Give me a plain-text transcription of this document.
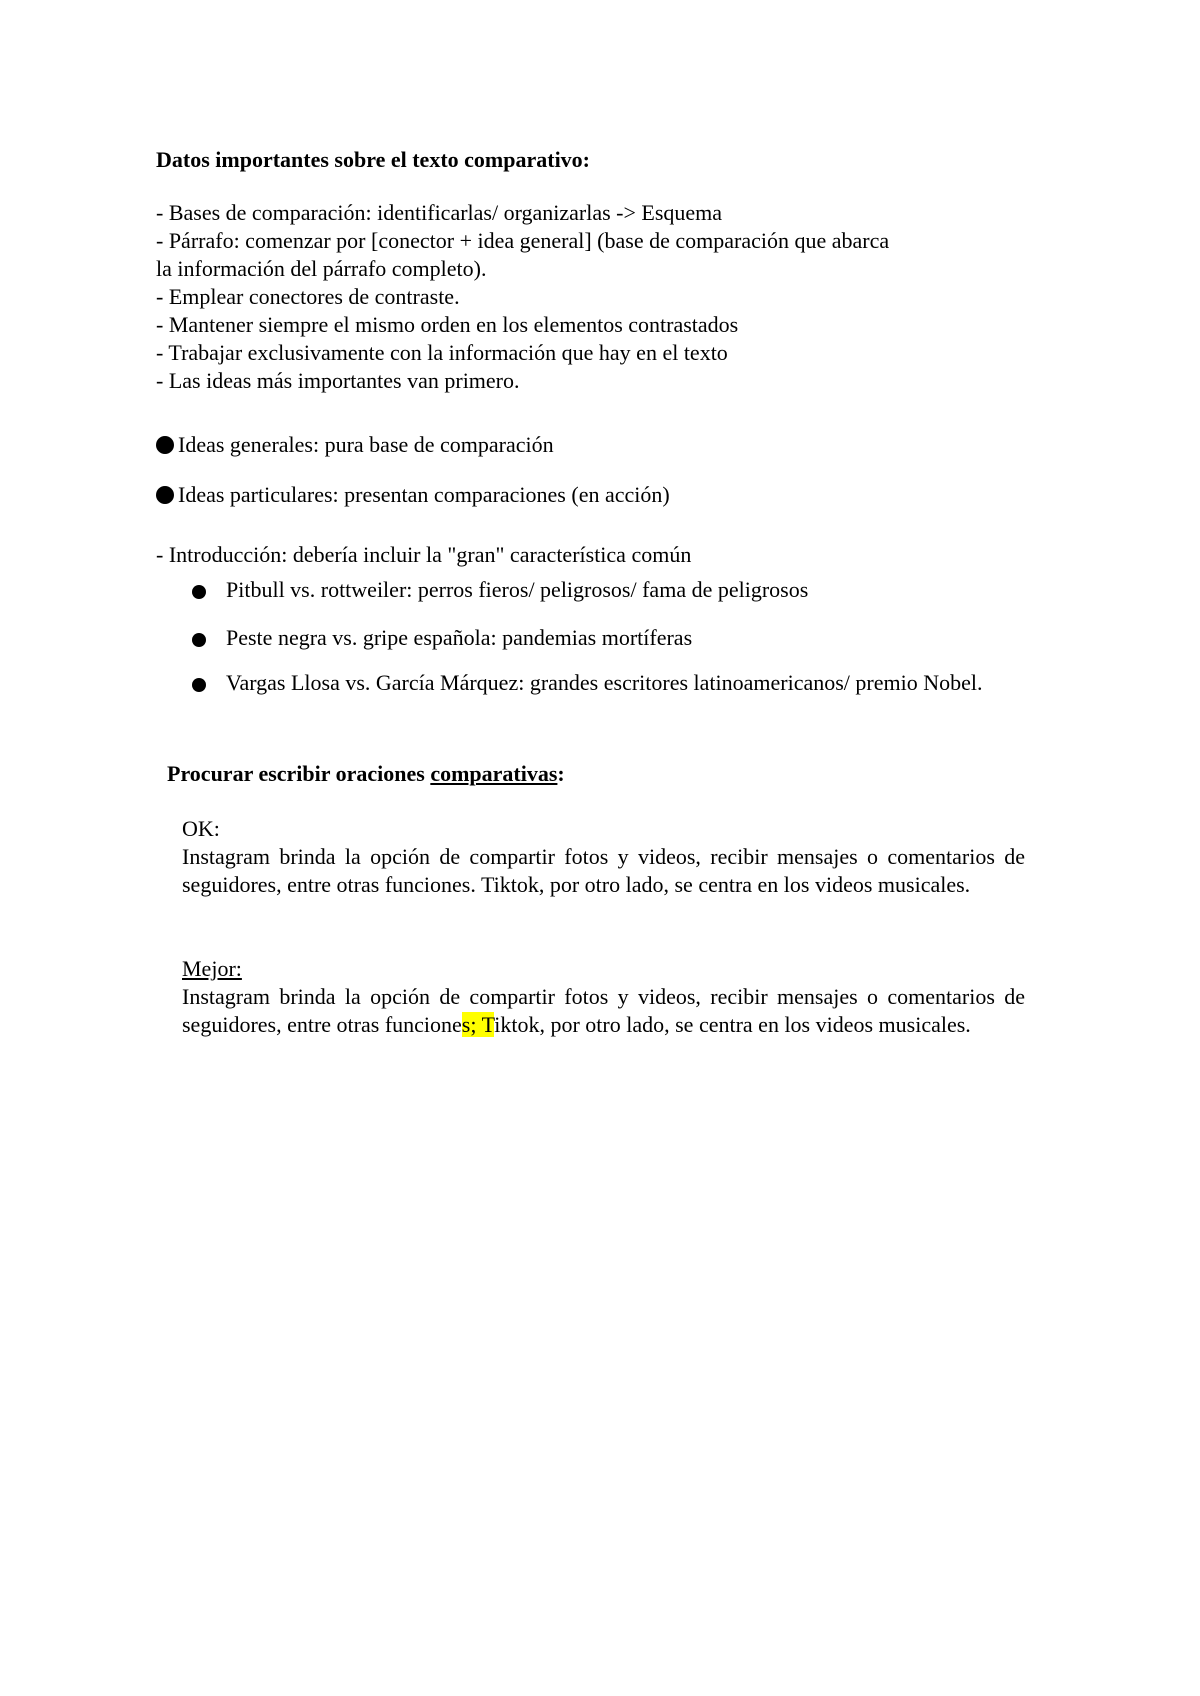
Datos importantes sobre el texto comparativo:
- Bases de comparación: identificarlas/ organizarlas -> Esquema
- Párrafo: comenzar por [conector + idea general] (base de comparación que abarca
la información del párrafo completo).
- Emplear conectores de contraste.
- Mantener siempre el mismo orden en los elementos contrastados
- Trabajar exclusivamente con la información que hay en el texto
- Las ideas más importantes van primero.
Ideas generales: pura base de comparación
Ideas particulares: presentan comparaciones (en acción)
- Introducción: debería incluir la "gran" característica común
Pitbull vs. rottweiler: perros fieros/ peligrosos/ fama de peligrosos
Peste negra vs. gripe española: pandemias mortíferas
Vargas Llosa vs. García Márquez: grandes escritores latinoamericanos/ premio Nobel.
Procurar escribir oraciones comparativas:
OK:
Instagram brinda la opción de compartir fotos y videos, recibir mensajes o comentarios de seguidores, entre otras funciones. Tiktok, por otro lado, se centra en los videos musicales.
Mejor:
Instagram brinda la opción de compartir fotos y videos, recibir mensajes o comentarios de seguidores, entre otras funciones; Tiktok, por otro lado, se centra en los videos musicales.
